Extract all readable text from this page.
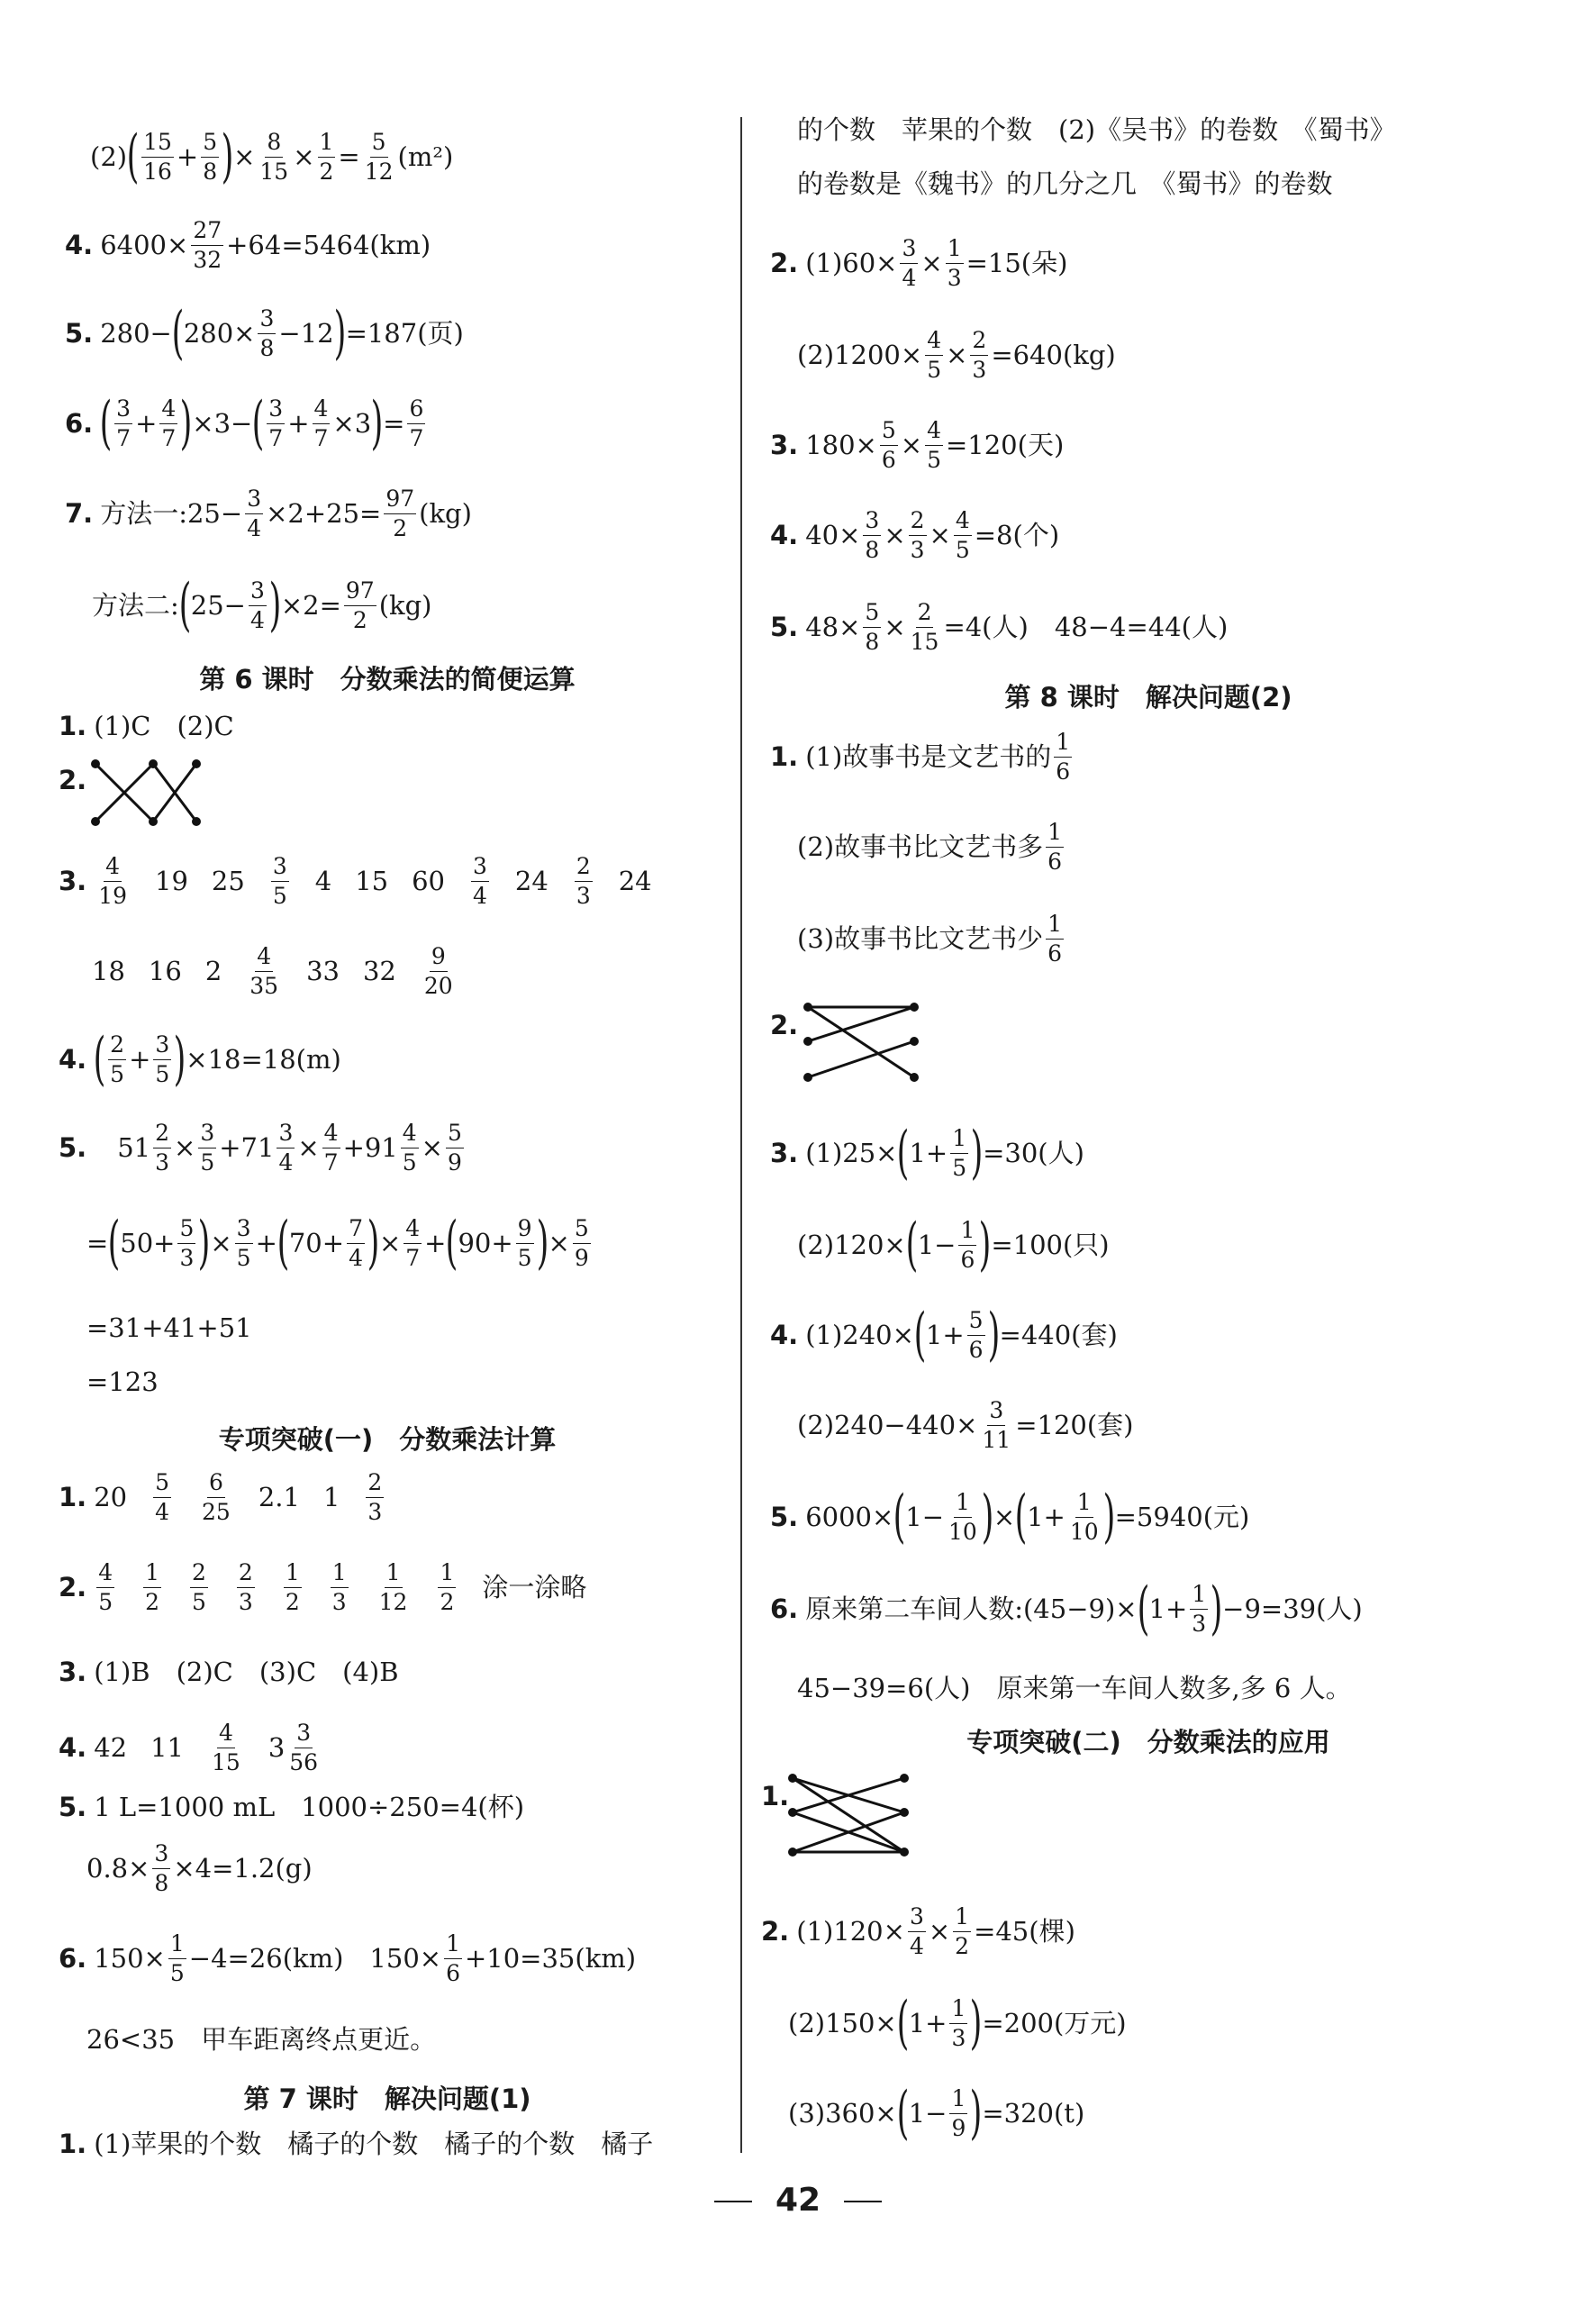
(2) ( $\frac{15}{16} + \frac{5}{8}$ ) × $\frac{8}{15} \times \frac{1}{2} = \frac{5}{12} (m^2)$
4. $6400\times \frac{27}{32} +64=5464(km)$
5. 280− ( $280\times \frac{3}{8} -12$ ) =187(页)
6. ( $\frac{3}{7} + \frac{4}{7}$ ) ×3− ( $\frac{3}{7} + \frac{4}{7} \times 3$ ) = $\frac{6}{7}$
7. 方法一:25− $\frac{3}{4} \times 2+25= \frac{97}{2} (kg)$
方法二: ( $25- \frac{3}{4}$ ) $\times 2= \frac{97}{2} (kg)$
第 6 课时　分数乘法的简便运算
1. (1)C　(2)C
2.
3. $\frac{4}{19} 19$ $25 \frac{3}{5} 4$ 15 $60 \frac{3}{4} 24 \frac{2}{3} 24$
18 16 $2 \frac{4}{35} 33$ $32 \frac{9}{20}$
4. ( $\frac{2}{5} + \frac{3}{5}$ ) ×18=18(m)
5. $51 \frac{2}{3} \times \frac{3}{5} +71 \frac{3}{4} \times \frac{4}{7} +91 \frac{4}{5} \times \frac{5}{9}$
= ( $50+ \frac{5}{3}$ ) × $\frac{3}{5}$ + ( $70+ \frac{7}{4}$ ) × $\frac{4}{7}$ + ( $90+ \frac{9}{5}$ ) × $\frac{5}{9}$
=31+41+51
=123
专项突破(一)　分数乘法计算
1. $20 \frac{5}{4} \frac{6}{25} 2.1$ $1 \frac{2}{3}$
2. $\frac{4}{5} \frac{1}{2} \frac{2}{5} \frac{2}{3} \frac{1}{2} \frac{1}{3} \frac{1}{12} \frac{1}{2}$ 涂一涂略
3. (1)B　(2)C　(3)C　(4)B
4. 42 $11 \frac{4}{15} 3 \frac{3}{56}$
5. 1 L=1000 mL　1000÷250=4(杯)
$0.8\times \frac{3}{8} \times 4=1.2(g)$
6. $150\times \frac{1}{5} -4=26(km)$　$150\times \frac{1}{6} +10=35(km)$
26<35　甲车距离终点更近。
第 7 课时　解决问题(1)
1. (1)苹果的个数　橘子的个数　橘子的个数　橘子
的个数　苹果的个数　(2)《吴书》的卷数　《蜀书》
的卷数是《魏书》的几分之几　《蜀书》的卷数
2. $(1)60\times \frac{3}{4} \times \frac{1}{3} =15$(朵)
$(2)1200\times \frac{4}{5} \times \frac{2}{3} =640(kg)$
3. $180\times \frac{5}{6} \times \frac{4}{5} =120$(天)
4. $40\times \frac{3}{8} \times \frac{2}{3} \times \frac{4}{5} =8$(个)
5. $48\times \frac{5}{8} \times \frac{2}{15} =4$(人)　48−4=44(人)
第 8 课时　解决问题(2)
1. (1)故事书是文艺书的 $\frac{1}{6}$
(2)故事书比文艺书多 $\frac{1}{6}$
(3)故事书比文艺书少 $\frac{1}{6}$
2.
3. (1)25× ( $1+ \frac{1}{5}$ ) =30(人)
(2)120× ( $1- \frac{1}{6}$ ) =100(只)
4. (1)240× ( $1+ \frac{5}{6}$ ) =440(套)
$(2)240-440\times \frac{3}{11} =120$(套)
5. 6000× ( $1- \frac{1}{10}$ ) × ( $1+ \frac{1}{10}$ ) =5940(元)
6. 原来第二车间人数:(45−9)× ( $1+ \frac{1}{3}$ ) −9=39(人)
45−39=6(人)　原来第一车间人数多,多 6 人。
专项突破(二)　分数乘法的应用
1.
2. $(1)120\times \frac{3}{4} \times \frac{1}{2} =45$(棵)
(2)150× ( $1+ \frac{1}{3}$ ) =200(万元)
(3)360× ( $1- \frac{1}{9}$ ) =320(t)
42
